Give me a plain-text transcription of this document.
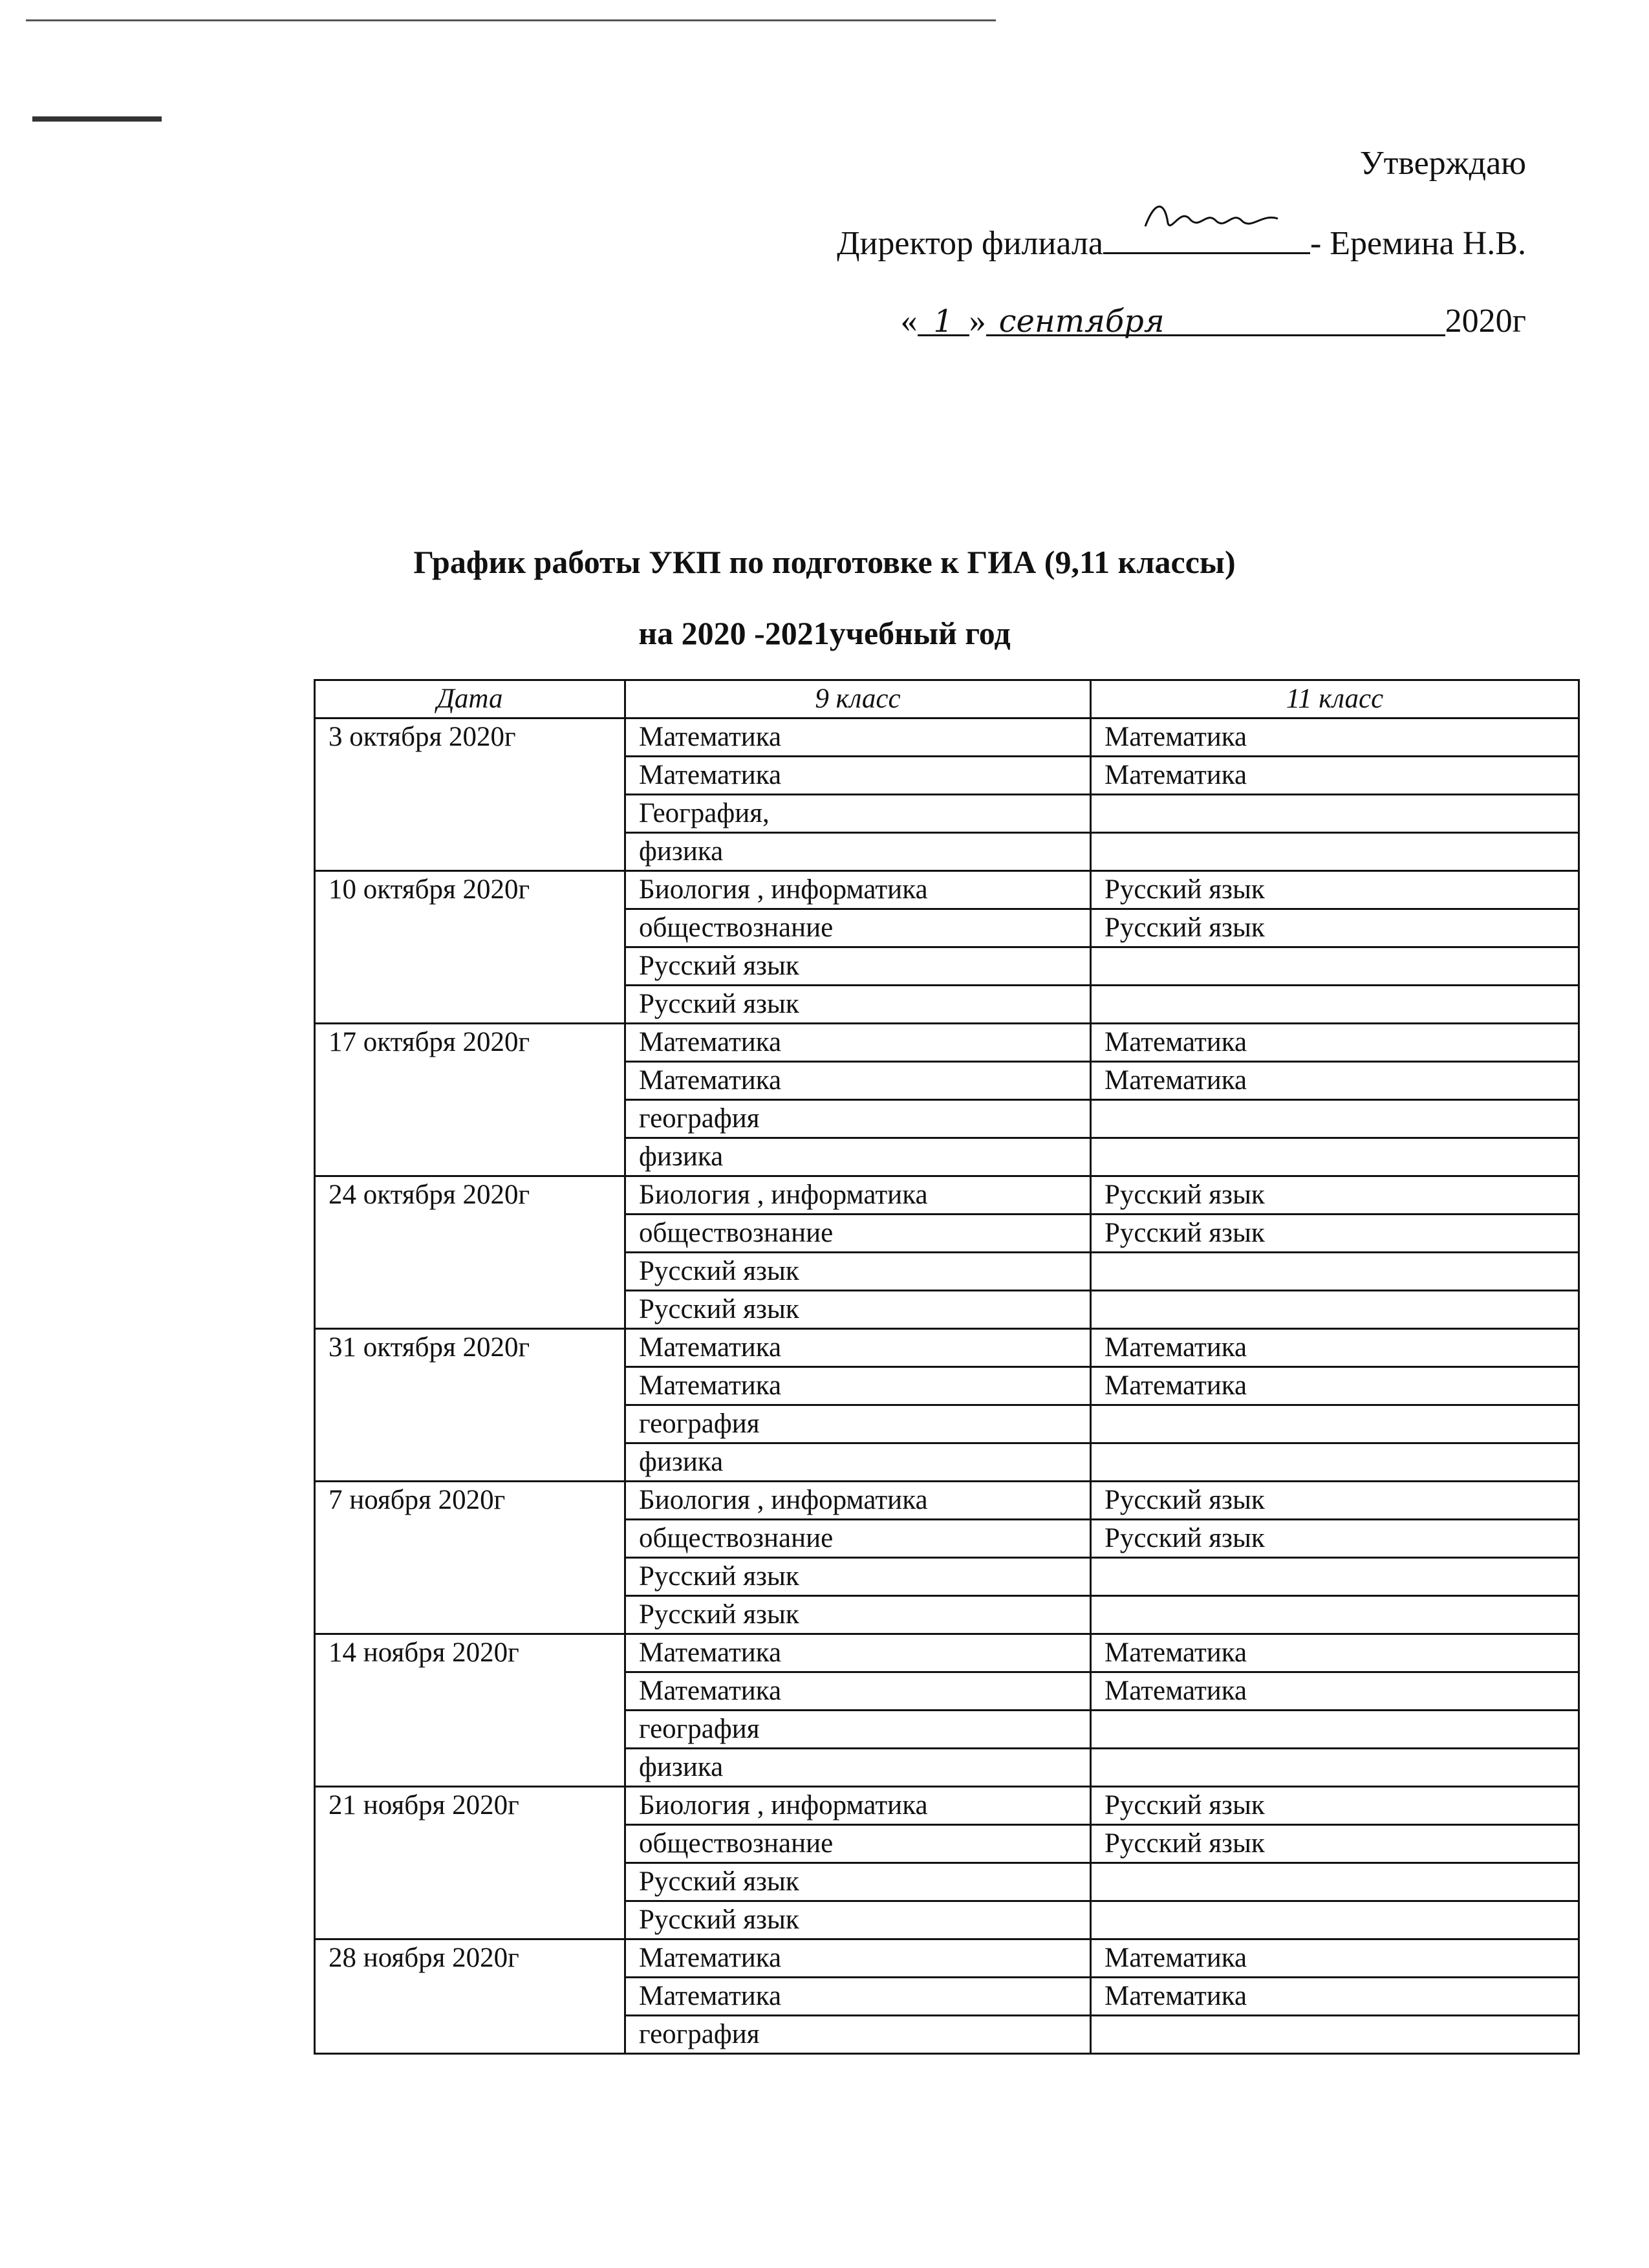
Утверждаю
Директор филиала	- Еремина Н.В.
« 1 » сентября	2020г
График работы УКП по подготовке к ГИА (9,11 классы)
на 2020 -2021учебный год
Дата	9 класс	11 класс
3 октября 2020г	Математика	Математика
	Математика	Математика
	География,	
	физика	
10 октября 2020г	Биология , информатика	Русский язык
	обществознание	Русский язык
	Русский язык	
	Русский язык	
17 октября 2020г	Математика	Математика
	Математика	Математика
	география	
	физика	
24 октября 2020г	Биология , информатика	Русский язык
	обществознание	Русский язык
	Русский язык	
	Русский язык	
31 октября 2020г	Математика	Математика
	Математика	Математика
	география	
	физика	
7 ноября 2020г	Биология , информатика	Русский язык
	обществознание	Русский язык
	Русский язык	
	Русский язык	
14 ноября 2020г	Математика	Математика
	Математика	Математика
	география	
	физика	
21 ноября 2020г	Биология , информатика	Русский язык
	обществознание	Русский язык
	Русский язык	
	Русский язык	
28 ноября 2020г	Математика	Математика
	Математика	Математика
	география	
